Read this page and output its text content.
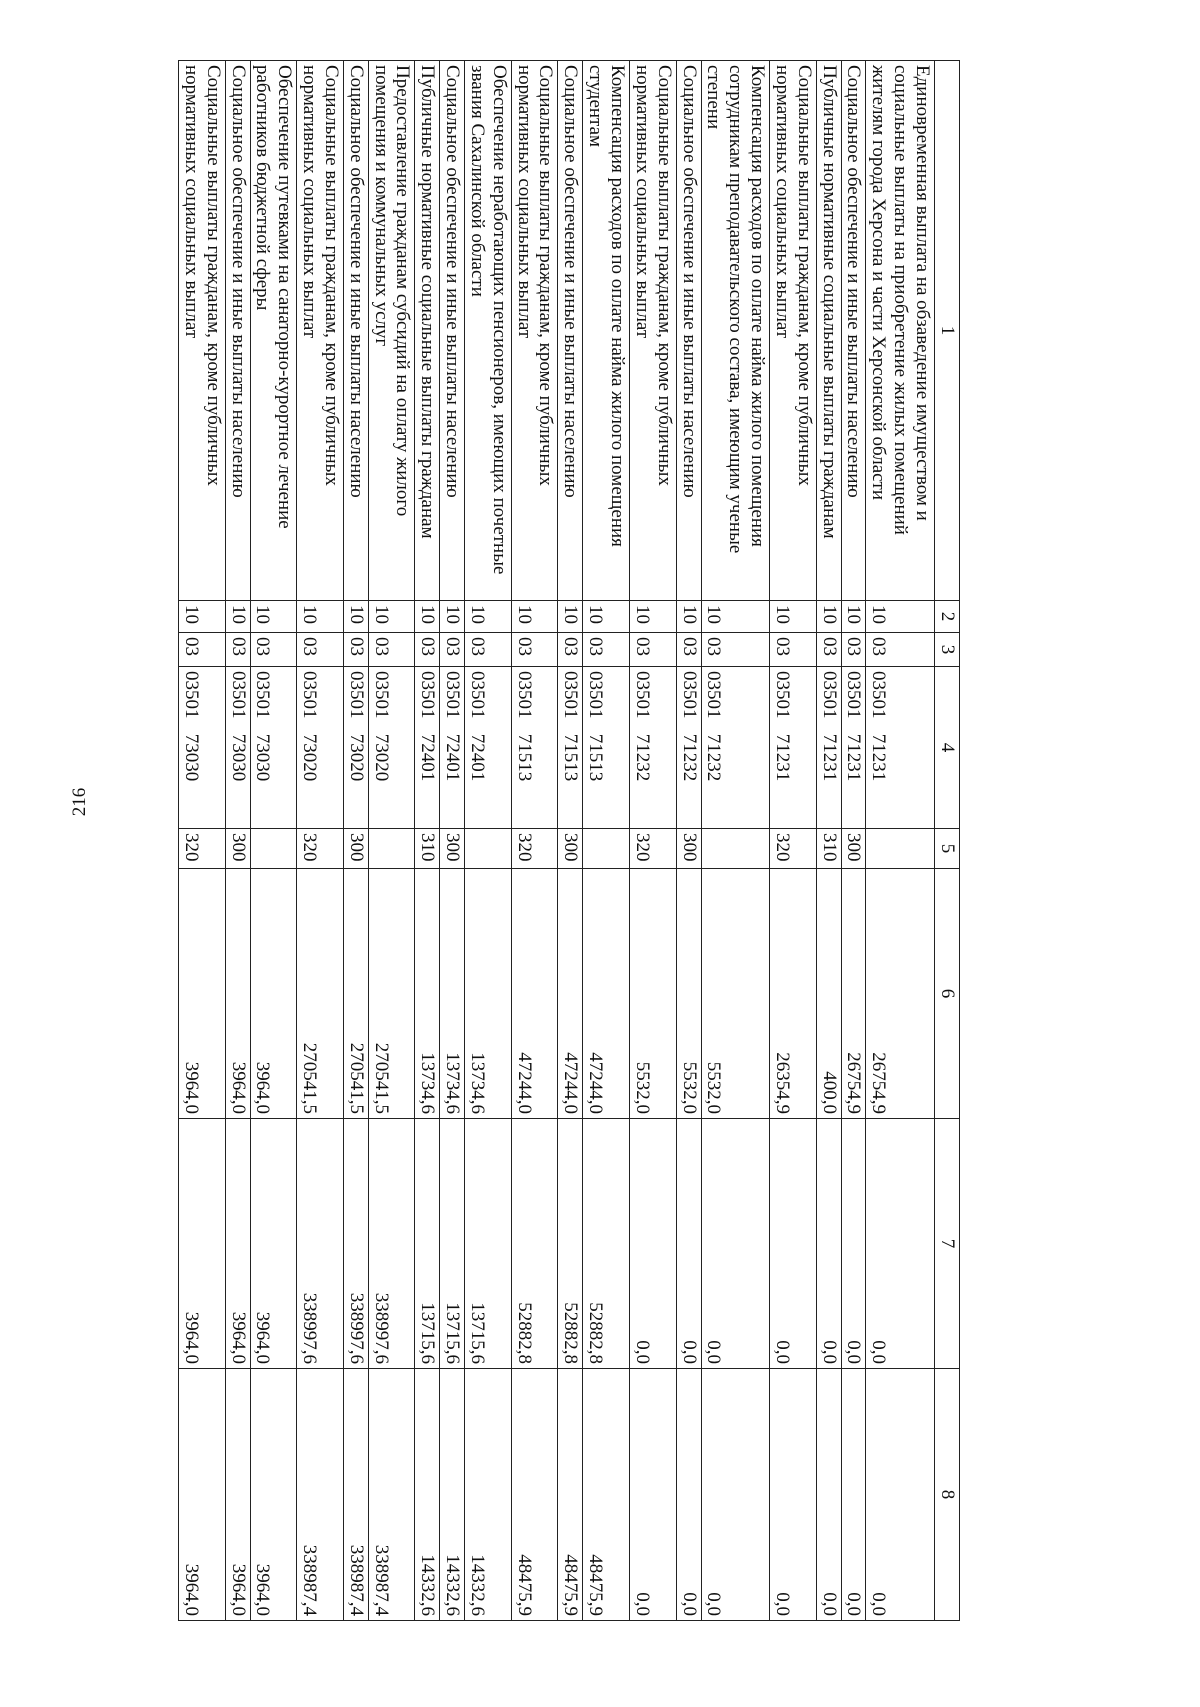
216
1	2	3	4	5	6	7	8
Единовременная выплата на обзаведение имуществом и социальные выплаты на приобретение жилых помещений жителям города Херсона и части Херсонской области	10	03	03501 71231		26754,9	0,0	0,0
Социальное обеспечение и иные выплаты населению	10	03	03501 71231	300	26754,9	0,0	0,0
Публичные нормативные социальные выплаты гражданам	10	03	03501 71231	310	400,0	0,0	0,0
Социальные выплаты гражданам, кроме публичных нормативных социальных выплат	10	03	03501 71231	320	26354,9	0,0	0,0
Компенсация расходов по оплате найма жилого помещения сотрудникам преподавательского состава, имеющим ученые степени	10	03	03501 71232		5532,0	0,0	0,0
Социальное обеспечение и иные выплаты населению	10	03	03501 71232	300	5532,0	0,0	0,0
Социальные выплаты гражданам, кроме публичных нормативных социальных выплат	10	03	03501 71232	320	5532,0	0,0	0,0
Компенсация расходов по оплате найма жилого помещения студентам	10	03	03501 71513		47244,0	52882,8	48475,9
Социальное обеспечение и иные выплаты населению	10	03	03501 71513	300	47244,0	52882,8	48475,9
Социальные выплаты гражданам, кроме публичных нормативных социальных выплат	10	03	03501 71513	320	47244,0	52882,8	48475,9
Обеспечение неработающих пенсионеров, имеющих почетные звания Сахалинской области	10	03	03501 72401		13734,6	13715,6	14332,6
Социальное обеспечение и иные выплаты населению	10	03	03501 72401	300	13734,6	13715,6	14332,6
Публичные нормативные социальные выплаты гражданам	10	03	03501 72401	310	13734,6	13715,6	14332,6
Предоставление гражданам субсидий на оплату жилого помещения и коммунальных услуг	10	03	03501 73020		270541,5	338997,6	338987,4
Социальное обеспечение и иные выплаты населению	10	03	03501 73020	300	270541,5	338997,6	338987,4
Социальные выплаты гражданам, кроме публичных нормативных социальных выплат	10	03	03501 73020	320	270541,5	338997,6	338987,4
Обеспечение путевками на санаторно-курортное лечение работников бюджетной сферы	10	03	03501 73030		3964,0	3964,0	3964,0
Социальное обеспечение и иные выплаты населению	10	03	03501 73030	300	3964,0	3964,0	3964,0
Социальные выплаты гражданам, кроме публичных нормативных социальных выплат	10	03	03501 73030	320	3964,0	3964,0	3964,0
